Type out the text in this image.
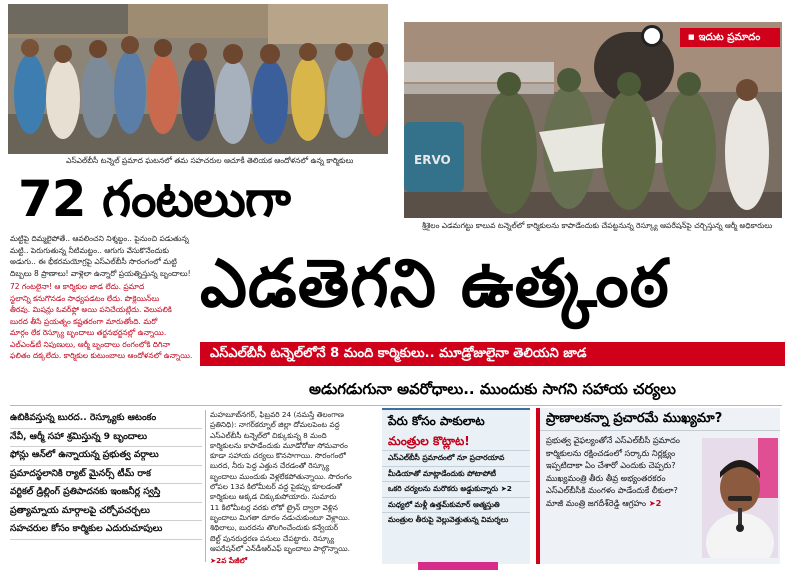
ఎస్‌ఎల్‌బీసీ టన్నెల్ ప్రమాద ఘటనలో తమ సహచరుల ఆచూకీ తెలియక ఆందోళనలో ఉన్న కార్మికులు	ERVO
■ ఇదుట ప్రమాదం
శ్రీశైలం ఎడమగట్టు కాలువ టన్నెల్‌లో కార్మికులను కాపాడేందుకు చేపట్టనున్న రెస్క్యూ ఆపరేషన్‌పై చర్చిస్తున్న ఆర్మీ అధికారులు
72 గంటలుగా
ఎడతెగని ఉత్కంఠ

మట్టిపై దిమ్మలైపోతే.. ఆవలించని నిశ్శబ్దం.. పైనుంచి పడుతున్న

మట్టి.. పెరుగుతున్న నీటిమట్టం.. ఆగుగు వేసుకొనేందుకు

అడుగు.. ఈ భీకరమయోగ్రపై ఎస్‌ఎల్‌బీసీ సొరంగంలో మట్టి

దిబ్బలు 8 ప్రాణాలు! వాళ్లెలా ఉన్నారో ప్రయత్నిస్తున్న బృందాలు!

72 గంటలైనా! ఆ కార్మికుల జాడ లేదు. ప్రమాద

స్థలాన్ని కనుగొనడం సాధ్యపడటం లేదు. పొక్లెయిన్‌లు

తీరవు. మిషన్లు ఓవర్‌ఫ్లో అయి పనిచేయట్లేదు. వెలుపలికి

బురద తీసే ప్రయత్నం కష్టతరంగా మారుతోంది. మరో

మార్గం లేక రెస్క్యూ బృందాలు తర్జనభర్జనల్లో ఉన్నాయి.

ఎల్‌ఎండ్‌టీ నిపుణులు, ఆర్మీ బృందాలు రంగంలోకి దిగినా

ఫలితం దక్కలేదు. కార్మికుల కుటుంబాలు ఆందోళనలో ఉన్నాయి.	ఎస్‌ఎల్‌బీసీ టన్నెల్‌లోనే 8 మంది కార్మికులు.. మూడ్రోజులైనా తెలియని జాడ
అడుగడుగునా అవరోధాలు.. ముందుకు సాగని సహాయ చర్యలు
ఉబికివస్తున్న బురద.. రెస్క్యూకు ఆటంకం
నేవీ, ఆర్మీ సహా శ్రమిస్తున్న 9 బృందాలు
ఫోన్లు ఆన్‌లో ఉన్నాయన్న ప్రభుత్వ వర్గాలు
ప్రమాదస్థలానికి ర్యాట్ మైనర్స్ టీమ్ రాక
వర్టికల్ డ్రిల్లింగ్ ప్రతిపాదనకు ఇంజనీర్ల స్వస్తి
ప్రత్యామ్నాయ మార్గాలపై చర్చోపచర్చలు
సహచరుల కోసం కార్మికుల ఎదురుచూపులు

మహబూబ్‌నగర్, ఫిబ్రవరి 24 (నమస్తే తెలంగాణ

ప్రతినిధి): నాగర్‌కర్నూల్ జిల్లా దోమలపెంట వద్ద

ఎస్‌ఎల్‌బీసీ టన్నెల్‌లో చిక్కుకున్న 8 మంది

కార్మికులను కాపాడేందుకు మూడోరోజు సోమవారం

కూడా సహాయ చర్యలు కొనసాగాయి. సొరంగంలో

బురద, నీరు పెద్ద ఎత్తున చేరడంతో రెస్క్యూ

బృందాలు ముందుకు వెళ్లలేకపోతున్నాయి. సొరంగం

లోపల 13వ కిలోమీటర్ వద్ద పైకప్పు కూలడంతో

కార్మికులు అక్కడ చిక్కుకుపోయారు. సుమారు

11 కిలోమీటర్ల వరకు లోకో ట్రైన్ ద్వారా వెళ్లిన

బృందాలు మిగతా దూరం నడుచుకుంటూ వెళ్లాయి.

శిథిలాలు, బురదను తొలగించేందుకు కన్వేయర్

బెల్ట్ పునరుద్ధరణ పనులు చేపట్టారు. రెస్క్యూ

ఆపరేషన్‌లో ఎన్‌డీఆర్‌ఎఫ్ బృందాలు పాల్గొన్నాయి.

➤2వ పేజీలో

పేరు కోసం పాకులాట
మంత్రుల కొట్లాట!
ఎస్‌ఎల్‌బీసీ ప్రమాదంలో నూ ప్రచారయావ
మీడియాతో మాట్లాడేందుకు పోటాపోటీ
ఒకరి చర్యలను మరొకరు అడ్డుకున్నారు ➤2
మధ్యలో మళ్లీ ఉత్తమ్‌కుమార్ ఆత్మస్తుతి
మంత్రుల తీరుపై వెల్లువెత్తుతున్న విమర్శలు
ప్రాణాలకన్నా ప్రచారమే ముఖ్యమా?

ప్రభుత్వ వైఫల్యంతోనే ఎస్‌ఎల్‌బీసీ ప్రమాదం

కార్మికులను రక్షించడంలో సర్కారు నిర్లక్ష్యం

ఇప్పటిదాకా ఏం చేశారో ఎందుకు చెప్పరు?

ముఖ్యమంత్రి తీరు తీవ్ర అభ్యంతరకరం

ఎస్‌ఎల్‌బీసీకి మంగళం పాడేందుకే లీకులా?

మాజీ మంత్రి జగదీశ్‌రెడ్డి ఆగ్రహం ➤2
